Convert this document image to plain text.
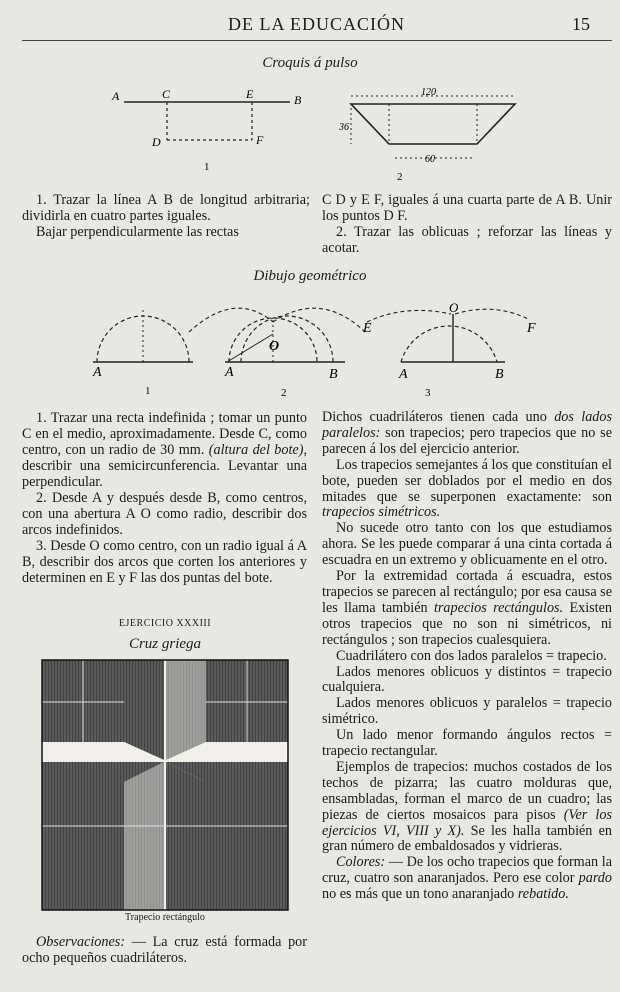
DE LA EDUCACIÓN	15
Croquis á pulso
A	C	E	B
D	F
1
120
36
60
2

1. Trazar la línea A B de longitud arbitraria; dividirla en cuatro partes iguales.

Bajar perpendicularmente las rectas

C D y E F, iguales á una cuarta parte de A B. Unir los puntos D F.

2. Trazar las oblicuas ; reforzar las líneas y acotar.

Dibujo geométrico
A
1
A
O
B
2
A	B
E	F
O
3

1. Trazar una recta indefinida ; tomar un punto C en el medio, aproximadamente. Desde C, como centro, con un radio de 30 mm. (altura del bote), describir una semicircunferencia. Levantar una perpendicular.

2. Desde A y después desde B, como centros, con una abertura A O como radio, describir dos arcos indefinidos.

3. Desde O como centro, con un radio igual á A B, describir dos arcos que corten los anteriores y determinen en E y F las dos puntas del bote.

EJERCICIO XXXIII
Cruz griega
Trapecio rectángulo

Observaciones: — La cruz está formada por ocho pequeños cuadriláteros.

Dichos cuadriláteros tienen cada uno dos lados paralelos: son trapecios; pero trapecios que no se parecen á los del ejercicio anterior.

Los trapecios semejantes á los que constituían el bote, pueden ser doblados por el medio en dos mitades que se superponen exactamente: son trapecios simétricos.

No sucede otro tanto con los que estudiamos ahora. Se les puede comparar á una cinta cortada á escuadra en un extremo y oblicuamente en el otro.

Por la extremidad cortada á escuadra, estos trapecios se parecen al rectángulo; por esa causa se les llama también trapecios rectángulos. Existen otros trapecios que no son ni simétricos, ni rectángulos ; son trapecios cualesquiera.

Cuadrilátero con dos lados paralelos = trapecio.

Lados menores oblicuos y distintos = trapecio cualquiera.

Lados menores oblicuos y paralelos = trapecio simétrico.

Un lado menor formando ángulos rectos = trapecio rectangular.

Ejemplos de trapecios: muchos costados de los techos de pizarra; las cuatro molduras que, ensambladas, forman el marco de un cuadro; las piezas de ciertos mosaicos para pisos (Ver los ejercicios VI, VIII y X). Se les halla también en gran número de embaldosados y vidrieras.

Colores: — De los ocho trapecios que forman la cruz, cuatro son anaranjados. Pero ese color pardo no es más que un tono anaranjado rebatido.
